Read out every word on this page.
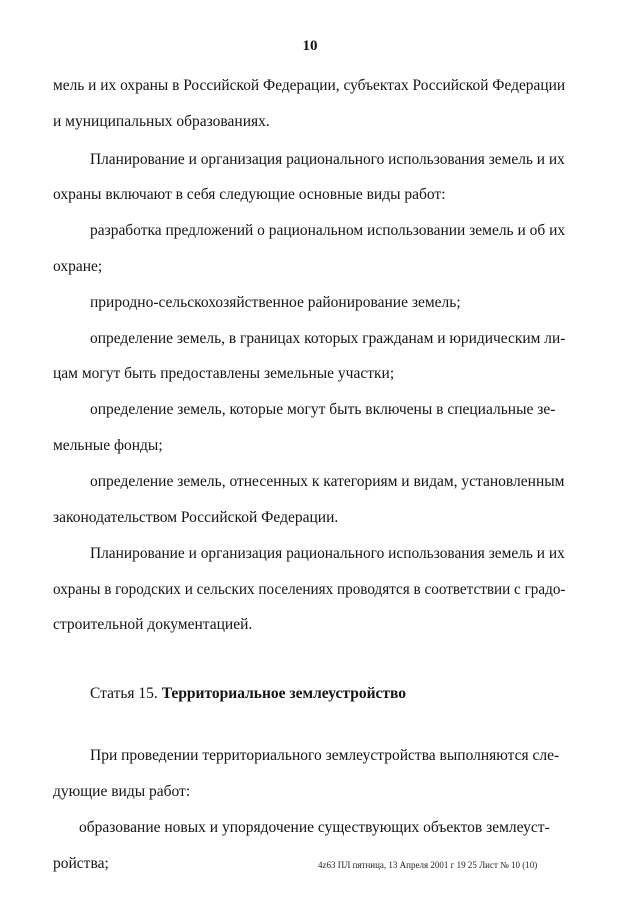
10

мель и их охраны в Российской Федерации, субъектах Российской Федерации

и муниципальных образованиях.

Планирование и организация рационального использования земель и их

охраны включают в себя следующие основные виды работ:

разработка предложений о рациональном использовании земель и об их

охране;

природно-сельскохозяйственное районирование земель;

определение земель, в границах которых гражданам и юридическим ли-

цам могут быть предоставлены земельные участки;

определение земель, которые могут быть включены в специальные зе-

мельные фонды;

определение земель, отнесенных к категориям и видам, установленным

законодательством Российской Федерации.

Планирование и организация рационального использования земель и их

охраны в городских и сельских поселениях проводятся в соответствии с градо-

строительной документацией.

Статья 15. Территориальное землеустройство

При проведении территориального землеустройства выполняются сле-

дующие виды работ:

образование новых и упорядочение существующих объектов землеуст-

ройства;	4z63 ПЛ пятница, 13 Апреля 2001 г 19 25 Лист № 10 (10)
